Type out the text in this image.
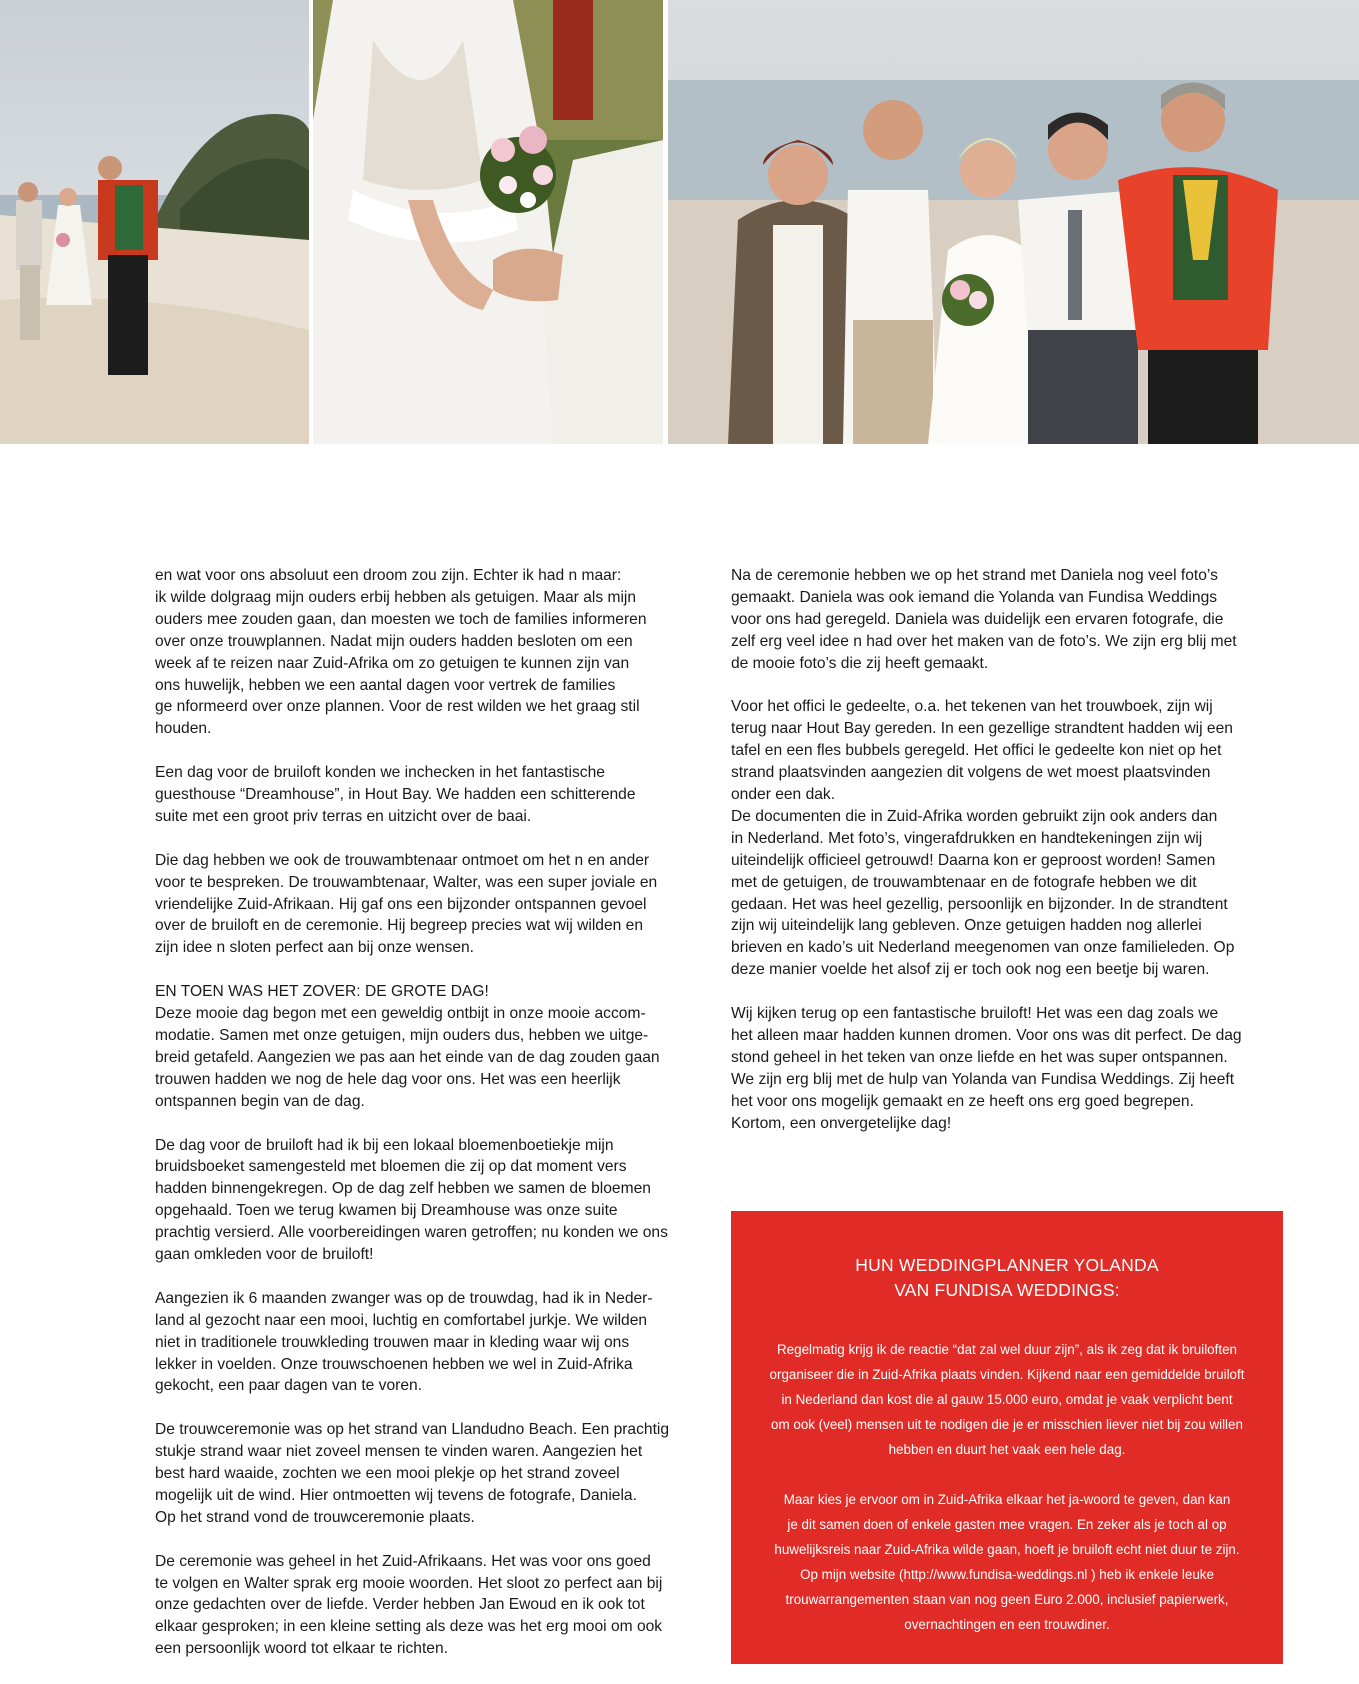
en wat voor ons absoluut een droom zou zijn. Echter ik had n maar:
ik wilde dolgraag mijn ouders erbij hebben als getuigen. Maar als mijn
ouders mee zouden gaan, dan moesten we toch de families informeren
over onze trouwplannen. Nadat mijn ouders hadden besloten om een
week af te reizen naar Zuid-Afrika om zo getuigen te kunnen zijn van
ons huwelijk, hebben we een aantal dagen voor vertrek de families
ge nformeerd over onze plannen. Voor de rest wilden we het graag stil
houden.

Een dag voor de bruiloft konden we inchecken in het fantastische
guesthouse “Dreamhouse”, in Hout Bay. We hadden een schitterende
suite met een groot priv terras en uitzicht over de baai.

Die dag hebben we ook de trouwambtenaar ontmoet om het n en ander
voor te bespreken. De trouwambtenaar, Walter, was een super joviale en
vriendelijke Zuid-Afrikaan. Hij gaf ons een bijzonder ontspannen gevoel
over de bruiloft en de ceremonie. Hij begreep precies wat wij wilden en
zijn idee n sloten perfect aan bij onze wensen.

EN TOEN WAS HET ZOVER: DE GROTE DAG!
Deze mooie dag begon met een geweldig ontbijt in onze mooie accom-
modatie. Samen met onze getuigen, mijn ouders dus, hebben we uitge-
breid getafeld. Aangezien we pas aan het einde van de dag zouden gaan
trouwen hadden we nog de hele dag voor ons. Het was een heerlijk
ontspannen begin van de dag.

De dag voor de bruiloft had ik bij een lokaal bloemenboetiekje mijn
bruidsboeket samengesteld met bloemen die zij op dat moment vers
hadden binnengekregen. Op de dag zelf hebben we samen de bloemen
opgehaald. Toen we terug kwamen bij Dreamhouse was onze suite
prachtig versierd. Alle voorbereidingen waren getroffen; nu konden we ons
gaan omkleden voor de bruiloft!

Aangezien ik 6 maanden zwanger was op de trouwdag, had ik in Neder-
land al gezocht naar een mooi, luchtig en comfortabel jurkje. We wilden
niet in traditionele trouwkleding trouwen maar in kleding waar wij ons
lekker in voelden. Onze trouwschoenen hebben we wel in Zuid-Afrika
gekocht, een paar dagen van te voren.

De trouwceremonie was op het strand van Llandudno Beach. Een prachtig
stukje strand waar niet zoveel mensen te vinden waren. Aangezien het
best hard waaide, zochten we een mooi plekje op het strand zoveel
mogelijk uit de wind. Hier ontmoetten wij tevens de fotografe, Daniela.
Op het strand vond de trouwceremonie plaats.

De ceremonie was geheel in het Zuid-Afrikaans. Het was voor ons goed
te volgen en Walter sprak erg mooie woorden. Het sloot zo perfect aan bij
onze gedachten over de liefde. Verder hebben Jan Ewoud en ik ook tot
elkaar gesproken; in een kleine setting als deze was het erg mooi om ook
een persoonlijk woord tot elkaar te richten.

Na de ceremonie hebben we op het strand met Daniela nog veel foto’s
gemaakt. Daniela was ook iemand die Yolanda van Fundisa Weddings
voor ons had geregeld. Daniela was duidelijk een ervaren fotografe, die
zelf erg veel idee n had over het maken van de foto’s. We zijn erg blij met
de mooie foto’s die zij heeft gemaakt.

Voor het offici le gedeelte, o.a. het tekenen van het trouwboek, zijn wij
terug naar Hout Bay gereden. In een gezellige strandtent hadden wij een
tafel en een fles bubbels geregeld. Het offici le gedeelte kon niet op het
strand plaatsvinden aangezien dit volgens de wet moest plaatsvinden
onder een dak.
De documenten die in Zuid-Afrika worden gebruikt zijn ook anders dan
in Nederland. Met foto’s, vingerafdrukken en handtekeningen zijn wij
uiteindelijk officieel getrouwd! Daarna kon er geproost worden! Samen
met de getuigen, de trouwambtenaar en de fotografe hebben we dit
gedaan. Het was heel gezellig, persoonlijk en bijzonder. In de strandtent
zijn wij uiteindelijk lang gebleven. Onze getuigen hadden nog allerlei
brieven en kado’s uit Nederland meegenomen van onze familieleden. Op
deze manier voelde het alsof zij er toch ook nog een beetje bij waren.

Wij kijken terug op een fantastische bruiloft! Het was een dag zoals we
het alleen maar hadden kunnen dromen. Voor ons was dit perfect. De dag
stond geheel in het teken van onze liefde en het was super ontspannen.
We zijn erg blij met de hulp van Yolanda van Fundisa Weddings. Zij heeft
het voor ons mogelijk gemaakt en ze heeft ons erg goed begrepen.
Kortom, een onvergetelijke dag!

HUN WEDDINGPLANNER YOLANDA
VAN FUNDISA WEDDINGS:

Regelmatig krijg ik de reactie “dat zal wel duur zijn”, als ik zeg dat ik bruiloften
organiseer die in Zuid-Afrika plaats vinden. Kijkend naar een gemiddelde bruiloft
in Nederland dan kost die al gauw 15.000 euro, omdat je vaak verplicht bent
om ook (veel) mensen uit te nodigen die je er misschien liever niet bij zou willen
hebben en duurt het vaak een hele dag.

Maar kies je ervoor om in Zuid-Afrika elkaar het ja-woord te geven, dan kan
je dit samen doen of enkele gasten mee vragen. En zeker als je toch al op
huwelijksreis naar Zuid-Afrika wilde gaan, hoeft je bruiloft echt niet duur te zijn.
Op mijn website (http://www.fundisa-weddings.nl ) heb ik enkele leuke
trouwarrangementen staan van nog geen Euro 2.000, inclusief papierwerk,
overnachtingen en een trouwdiner.
